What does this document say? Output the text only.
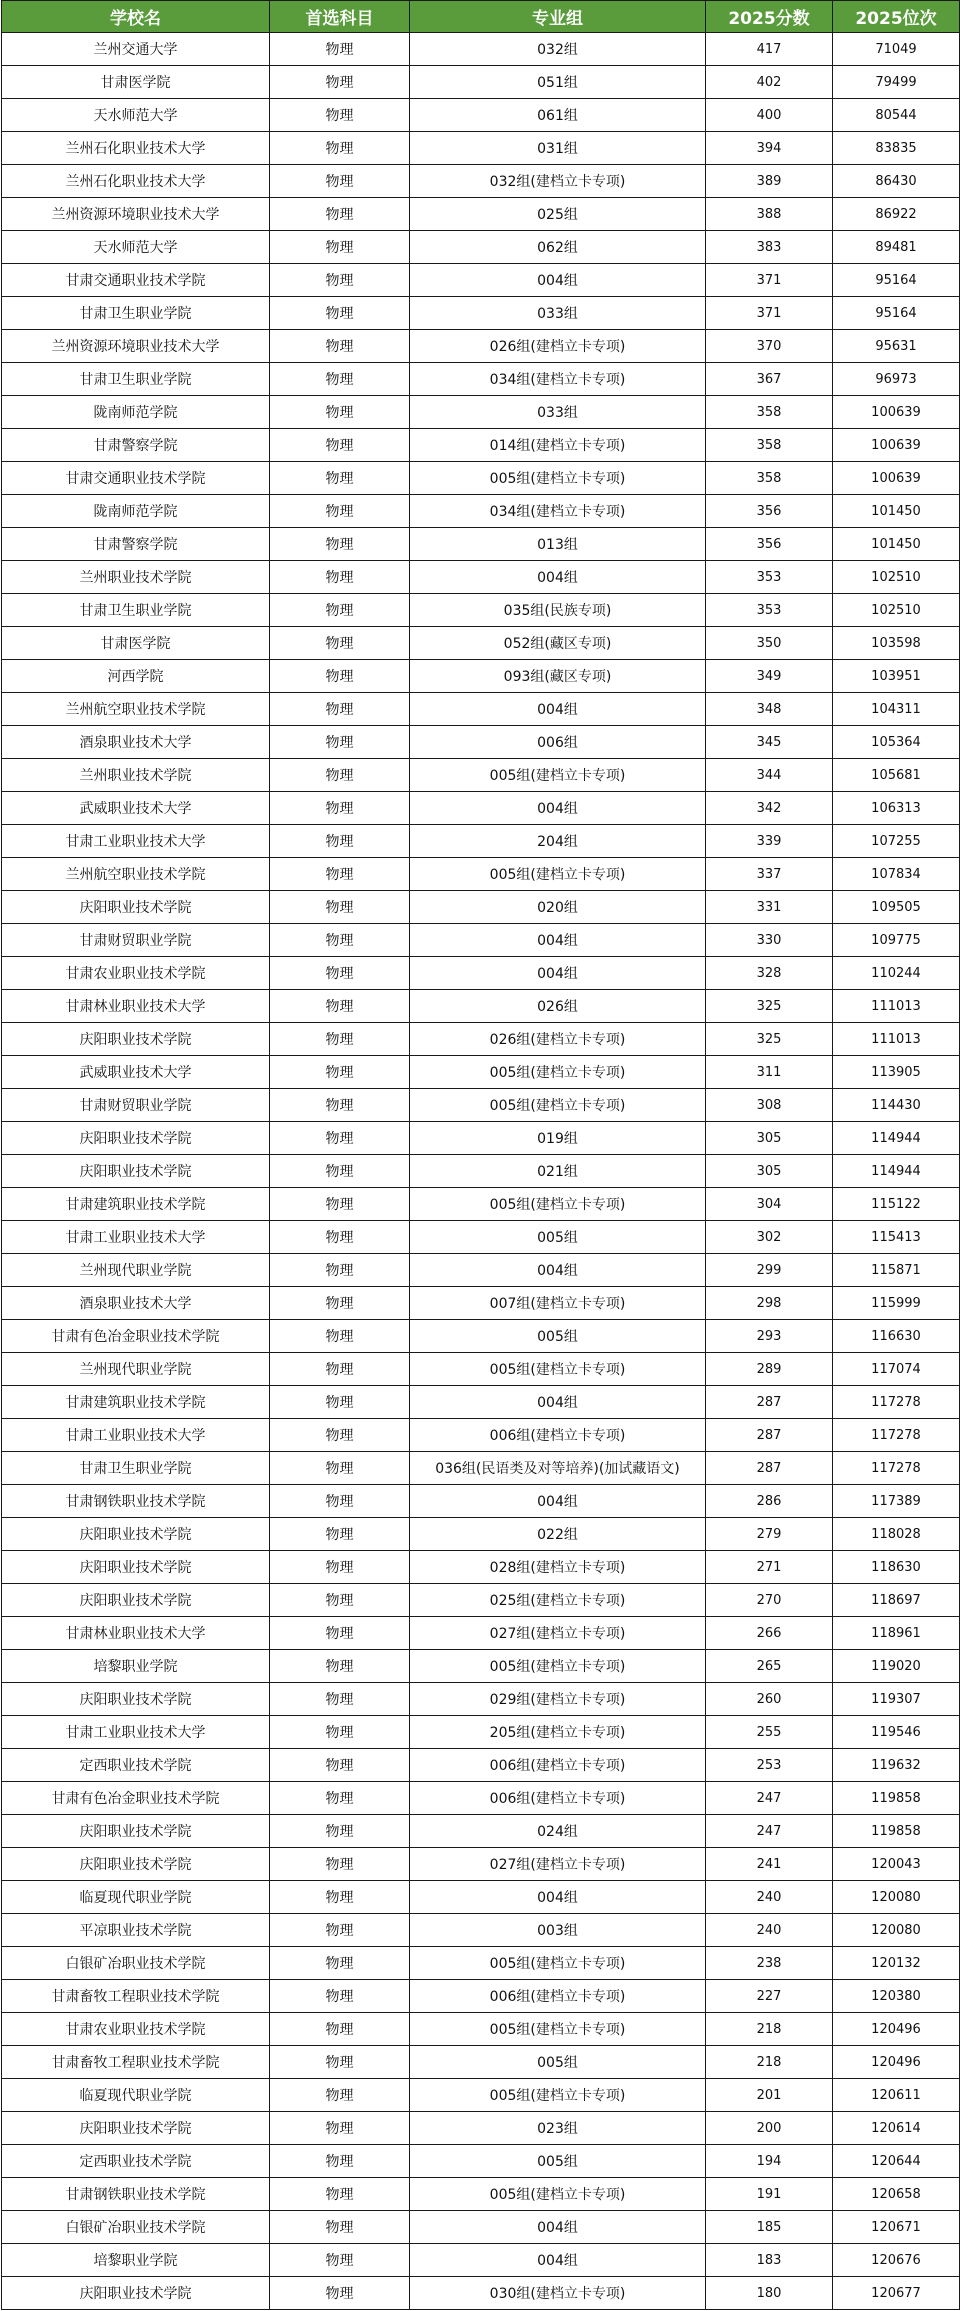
学校名	首选科目	专业组	2025分数	2025位次
兰州交通大学	物理	032组	417	71049
甘肃医学院	物理	051组	402	79499
天水师范大学	物理	061组	400	80544
兰州石化职业技术大学	物理	031组	394	83835
兰州石化职业技术大学	物理	032组(建档立卡专项)	389	86430
兰州资源环境职业技术大学	物理	025组	388	86922
天水师范大学	物理	062组	383	89481
甘肃交通职业技术学院	物理	004组	371	95164
甘肃卫生职业学院	物理	033组	371	95164
兰州资源环境职业技术大学	物理	026组(建档立卡专项)	370	95631
甘肃卫生职业学院	物理	034组(建档立卡专项)	367	96973
陇南师范学院	物理	033组	358	100639
甘肃警察学院	物理	014组(建档立卡专项)	358	100639
甘肃交通职业技术学院	物理	005组(建档立卡专项)	358	100639
陇南师范学院	物理	034组(建档立卡专项)	356	101450
甘肃警察学院	物理	013组	356	101450
兰州职业技术学院	物理	004组	353	102510
甘肃卫生职业学院	物理	035组(民族专项)	353	102510
甘肃医学院	物理	052组(藏区专项)	350	103598
河西学院	物理	093组(藏区专项)	349	103951
兰州航空职业技术学院	物理	004组	348	104311
酒泉职业技术大学	物理	006组	345	105364
兰州职业技术学院	物理	005组(建档立卡专项)	344	105681
武威职业技术大学	物理	004组	342	106313
甘肃工业职业技术大学	物理	204组	339	107255
兰州航空职业技术学院	物理	005组(建档立卡专项)	337	107834
庆阳职业技术学院	物理	020组	331	109505
甘肃财贸职业学院	物理	004组	330	109775
甘肃农业职业技术学院	物理	004组	328	110244
甘肃林业职业技术大学	物理	026组	325	111013
庆阳职业技术学院	物理	026组(建档立卡专项)	325	111013
武威职业技术大学	物理	005组(建档立卡专项)	311	113905
甘肃财贸职业学院	物理	005组(建档立卡专项)	308	114430
庆阳职业技术学院	物理	019组	305	114944
庆阳职业技术学院	物理	021组	305	114944
甘肃建筑职业技术学院	物理	005组(建档立卡专项)	304	115122
甘肃工业职业技术大学	物理	005组	302	115413
兰州现代职业学院	物理	004组	299	115871
酒泉职业技术大学	物理	007组(建档立卡专项)	298	115999
甘肃有色冶金职业技术学院	物理	005组	293	116630
兰州现代职业学院	物理	005组(建档立卡专项)	289	117074
甘肃建筑职业技术学院	物理	004组	287	117278
甘肃工业职业技术大学	物理	006组(建档立卡专项)	287	117278
甘肃卫生职业学院	物理	036组(民语类及对等培养)(加试藏语文)	287	117278
甘肃钢铁职业技术学院	物理	004组	286	117389
庆阳职业技术学院	物理	022组	279	118028
庆阳职业技术学院	物理	028组(建档立卡专项)	271	118630
庆阳职业技术学院	物理	025组(建档立卡专项)	270	118697
甘肃林业职业技术大学	物理	027组(建档立卡专项)	266	118961
培黎职业学院	物理	005组(建档立卡专项)	265	119020
庆阳职业技术学院	物理	029组(建档立卡专项)	260	119307
甘肃工业职业技术大学	物理	205组(建档立卡专项)	255	119546
定西职业技术学院	物理	006组(建档立卡专项)	253	119632
甘肃有色冶金职业技术学院	物理	006组(建档立卡专项)	247	119858
庆阳职业技术学院	物理	024组	247	119858
庆阳职业技术学院	物理	027组(建档立卡专项)	241	120043
临夏现代职业学院	物理	004组	240	120080
平凉职业技术学院	物理	003组	240	120080
白银矿冶职业技术学院	物理	005组(建档立卡专项)	238	120132
甘肃畜牧工程职业技术学院	物理	006组(建档立卡专项)	227	120380
甘肃农业职业技术学院	物理	005组(建档立卡专项)	218	120496
甘肃畜牧工程职业技术学院	物理	005组	218	120496
临夏现代职业学院	物理	005组(建档立卡专项)	201	120611
庆阳职业技术学院	物理	023组	200	120614
定西职业技术学院	物理	005组	194	120644
甘肃钢铁职业技术学院	物理	005组(建档立卡专项)	191	120658
白银矿冶职业技术学院	物理	004组	185	120671
培黎职业学院	物理	004组	183	120676
庆阳职业技术学院	物理	030组(建档立卡专项)	180	120677
